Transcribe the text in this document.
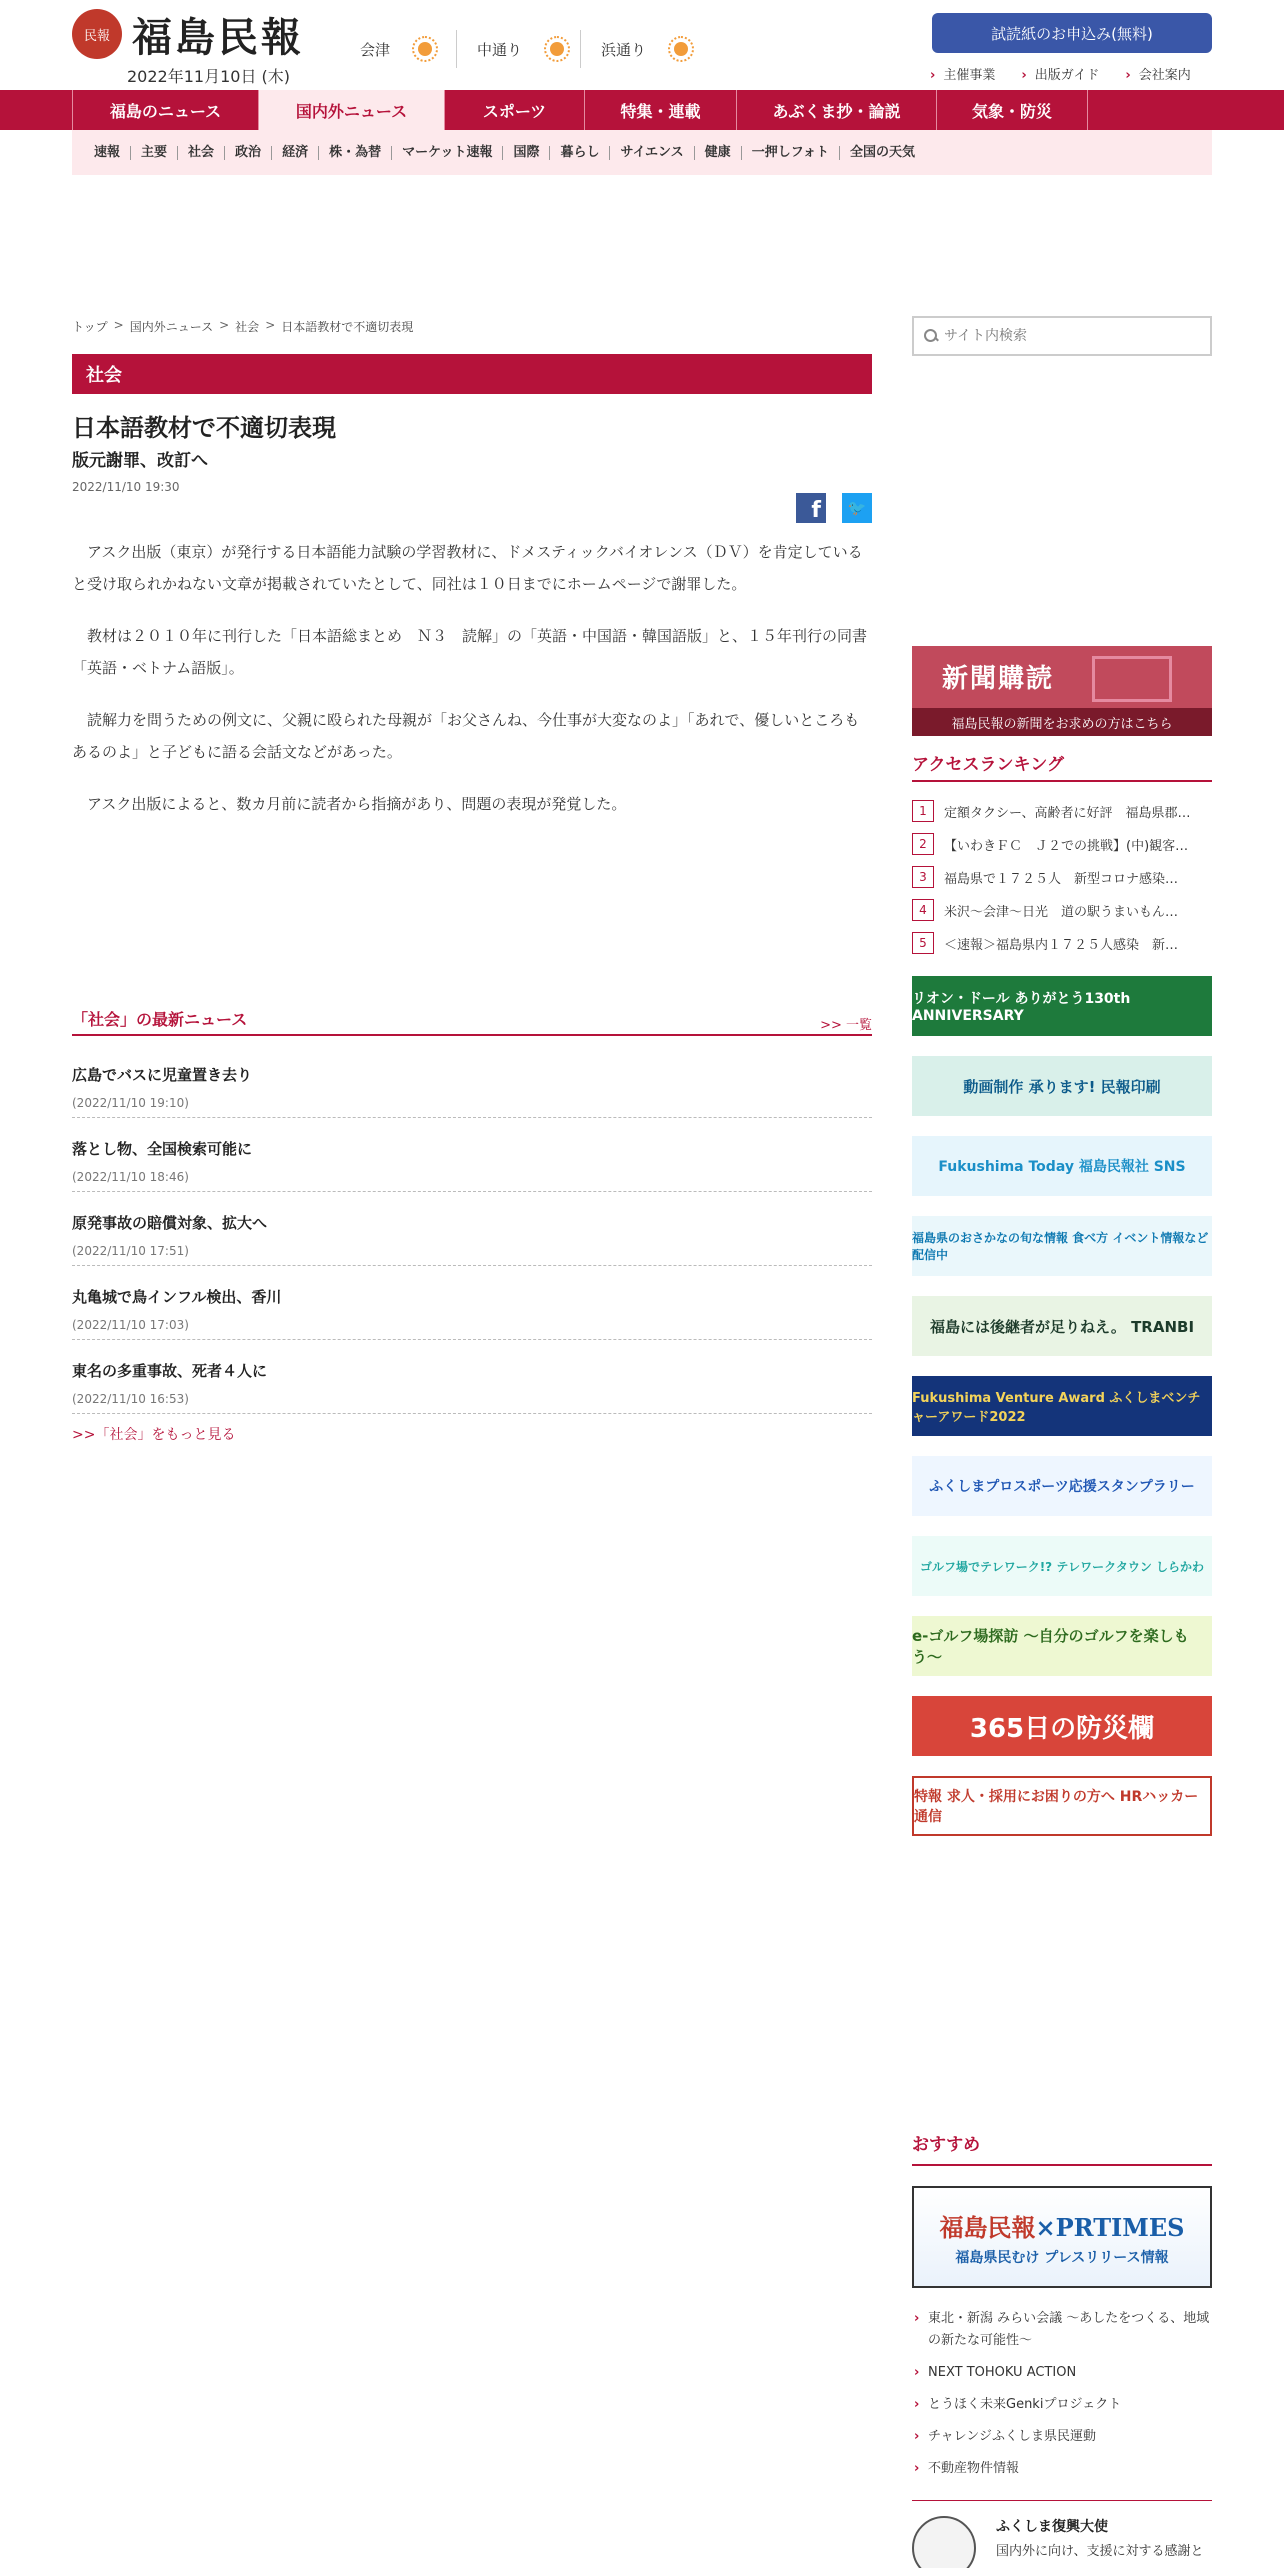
民報 福島民報
2022年11月10日 (木)
会津	中通り	浜通り
試読紙のお申込み(無料)
› 主催事業	› 出版ガイド	› 会社案内
福島のニュース	国内外ニュース	スポーツ	特集・連載	あぶくま抄・論説	気象・防災
速報	主要	社会	政治	経済	株・為替	マーケット速報	国際	暮らし	サイエンス	健康	一押しフォト	全国の天気
トップ > 国内外ニュース > 社会 > 日本語教材で不適切表現
サイト内検索
社会
日本語教材で不適切表現
版元謝罪、改訂へ
2022/11/10 19:30
f	🐦

アスク出版（東京）が発行する日本語能力試験の学習教材に、ドメスティックバイオレンス（ＤＶ）を肯定していると受け取られかねない文章が掲載されていたとして、同社は１０日までにホームページで謝罪した。

教材は２０１０年に刊行した「日本語総まとめ　Ｎ３　読解」の「英語・中国語・韓国語版」と、１５年刊行の同書「英語・ベトナム語版」。

読解力を問うための例文に、父親に殴られた母親が「お父さんね、今仕事が大変なのよ」「あれで、優しいところもあるのよ」と子どもに語る会話文などがあった。

アスク出版によると、数カ月前に読者から指摘があり、問題の表現が発覚した。

「社会」の最新ニュース	>> 一覧
広島でバスに児童置き去り
(2022/11/10 19:10)
落とし物、全国検索可能に
(2022/11/10 18:46)
原発事故の賠償対象、拡大へ
(2022/11/10 17:51)
丸亀城で鳥インフル検出、香川
(2022/11/10 17:03)
東名の多重事故、死者４人に
(2022/11/10 16:53)
>>「社会」をもっと見る
新聞購読
福島民報の新聞をお求めの方はこちら
アクセスランキング
1	定額タクシー、高齢者に好評　福島県郡…
2	【いわきＦＣ　Ｊ２での挑戦】(中)観客…
3	福島県で１７２５人　新型コロナ感染…
4	米沢〜会津〜日光　道の駅うまいもん…
5	＜速報＞福島県内１７２５人感染　新…
リオン・ドール ありがとう130th ANNIVERSARY
動画制作 承ります! 民報印刷
Fukushima Today 福島民報社 SNS
福島県のおさかなの旬な情報 食べ方 イベント情報など配信中
福島には後継者が足りねえ。 TRANBI
Fukushima Venture Award ふくしまベンチャーアワード2022
ふくしまプロスポーツ応援スタンプラリー
ゴルフ場でテレワーク!? テレワークタウン しらかわ
e-ゴルフ場探訪 〜自分のゴルフを楽しもう〜
365日の防災欄
特報 求人・採用にお困りの方へ HRハッカー通信
おすすめ
福島民報×PRTIMES
福島県民むけ プレスリリース情報
› 東北・新潟 みらい会議 〜あしたをつくる、地域の新たな可能性〜
› NEXT TOHOKU ACTION
› とうほく未来Genkiプロジェクト
› チャレンジふくしま県民運動
› 不動産物件情報
ふくしま復興大使
国内外に向け、支援に対する感謝と
